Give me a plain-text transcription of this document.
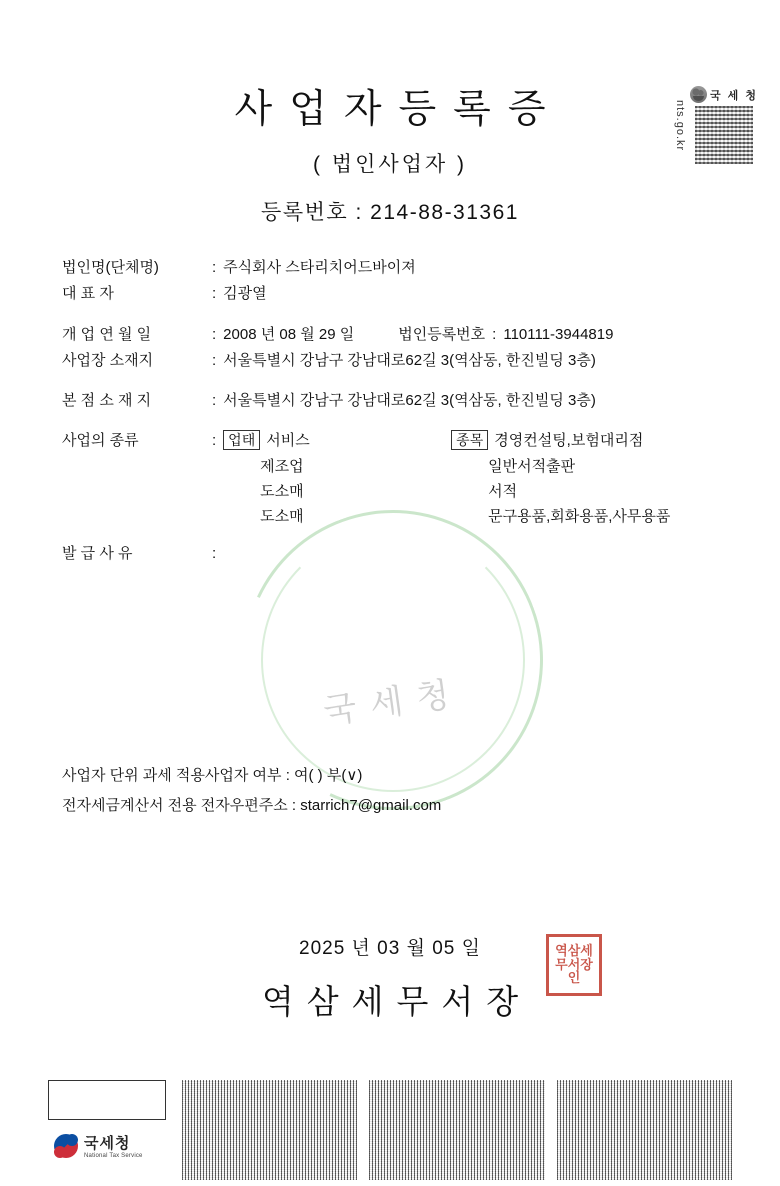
nts.go.kr
국 세 청
사업자등록증
( 법인사업자 )
등록번호 : 214-88-31361
국세청
법인명(단체명)	: 주식회사 스타리치어드바이져
대 표 자	: 김광열
개 업 연 월 일	: 2008 년 08 월 29 일	법인등록번호 : 110111-3944819
사업장 소재지	: 서울특별시 강남구 강남대로62길 3(역삼동, 한진빌딩 3층)
본 점 소 재 지	: 서울특별시 강남구 강남대로62길 3(역삼동, 한진빌딩 3층)
사업의 종류	: 업태 서비스	종목 경영컨설팅,보험대리점
제조업	일반서적출판
도소매	서적
도소매	문구용품,회화용품,사무용품
발 급 사 유	:
사업자 단위 과세 적용사업자 여부 : 여( ) 부(∨)
전자세금계산서 전용 전자우편주소 : starrich7@gmail.com
2025 년 03 월 05 일
역삼세무서장
역삼세무서장인
국세청
National Tax Service
